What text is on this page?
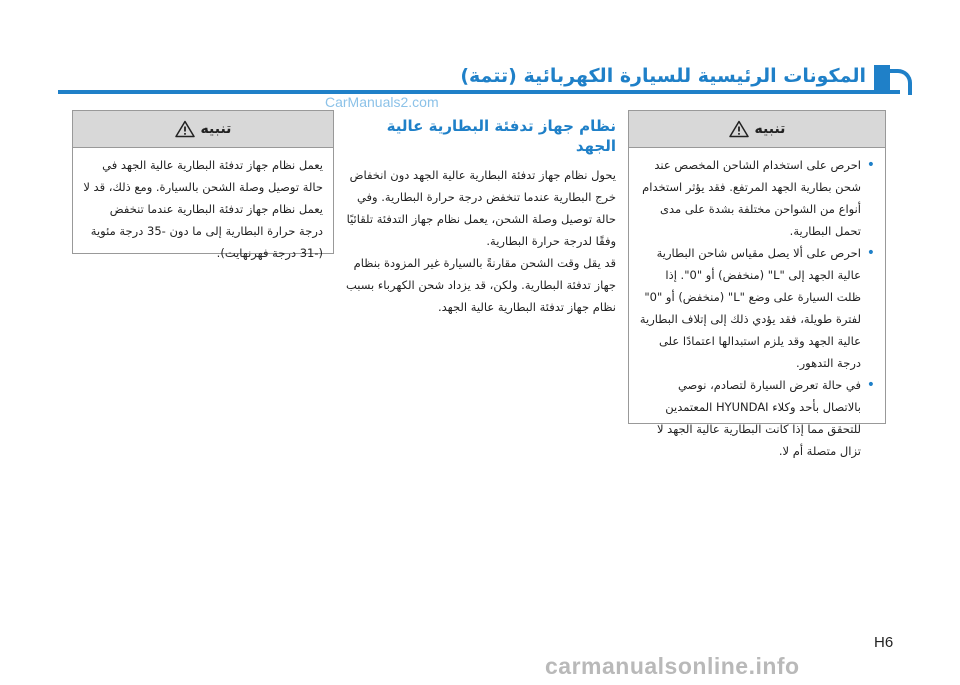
المكونات الرئيسية للسيارة الكهربائية (تتمة)
CarManuals2.com
تنبيه

يعمل نظام جهاز تدفئة البطارية عالية الجهد في حالة توصيل وصلة الشحن بالسيارة. ومع ذلك، قد لا يعمل نظام جهاز تدفئة البطارية عندما تنخفض درجة حرارة البطارية إلى ما دون -35 درجة مئوية (-31 درجة فهرنهايت).

نظام جهاز تدفئة البطارية عالية الجهد

يحول نظام جهاز تدفئة البطارية عالية الجهد دون انخفاض خرج البطارية عندما تنخفض درجة حرارة البطارية. وفي حالة توصيل وصلة الشحن، يعمل نظام جهاز التدفئة تلقائيًا وفقًا لدرجة حرارة البطارية.

قد يقل وقت الشحن مقارنةً بالسيارة غير المزودة بنظام جهاز تدفئة البطارية. ولكن، قد يزداد شحن الكهرباء بسبب نظام جهاز تدفئة البطارية عالية الجهد.

تنبيه
• احرص على استخدام الشاحن المخصص عند شحن بطارية الجهد المرتفع. فقد يؤثر استخدام أنواع من الشواحن مختلفة بشدة على مدى تحمل البطارية.
• احرص على ألا يصل مقياس شاحن البطارية عالية الجهد إلى "L" (منخفض) أو "0". إذا ظلت السيارة على وضع "L" (منخفض) أو "0" لفترة طويلة، فقد يؤدي ذلك إلى إتلاف البطارية عالية الجهد وقد يلزم استبدالها اعتمادًا على درجة التدهور.
• في حالة تعرض السيارة لتصادم، نوصي بالاتصال بأحد وكلاء HYUNDAI المعتمدين للتحقق مما إذا كانت البطارية عالية الجهد لا تزال متصلة أم لا.
H6
carmanualsonline.info
